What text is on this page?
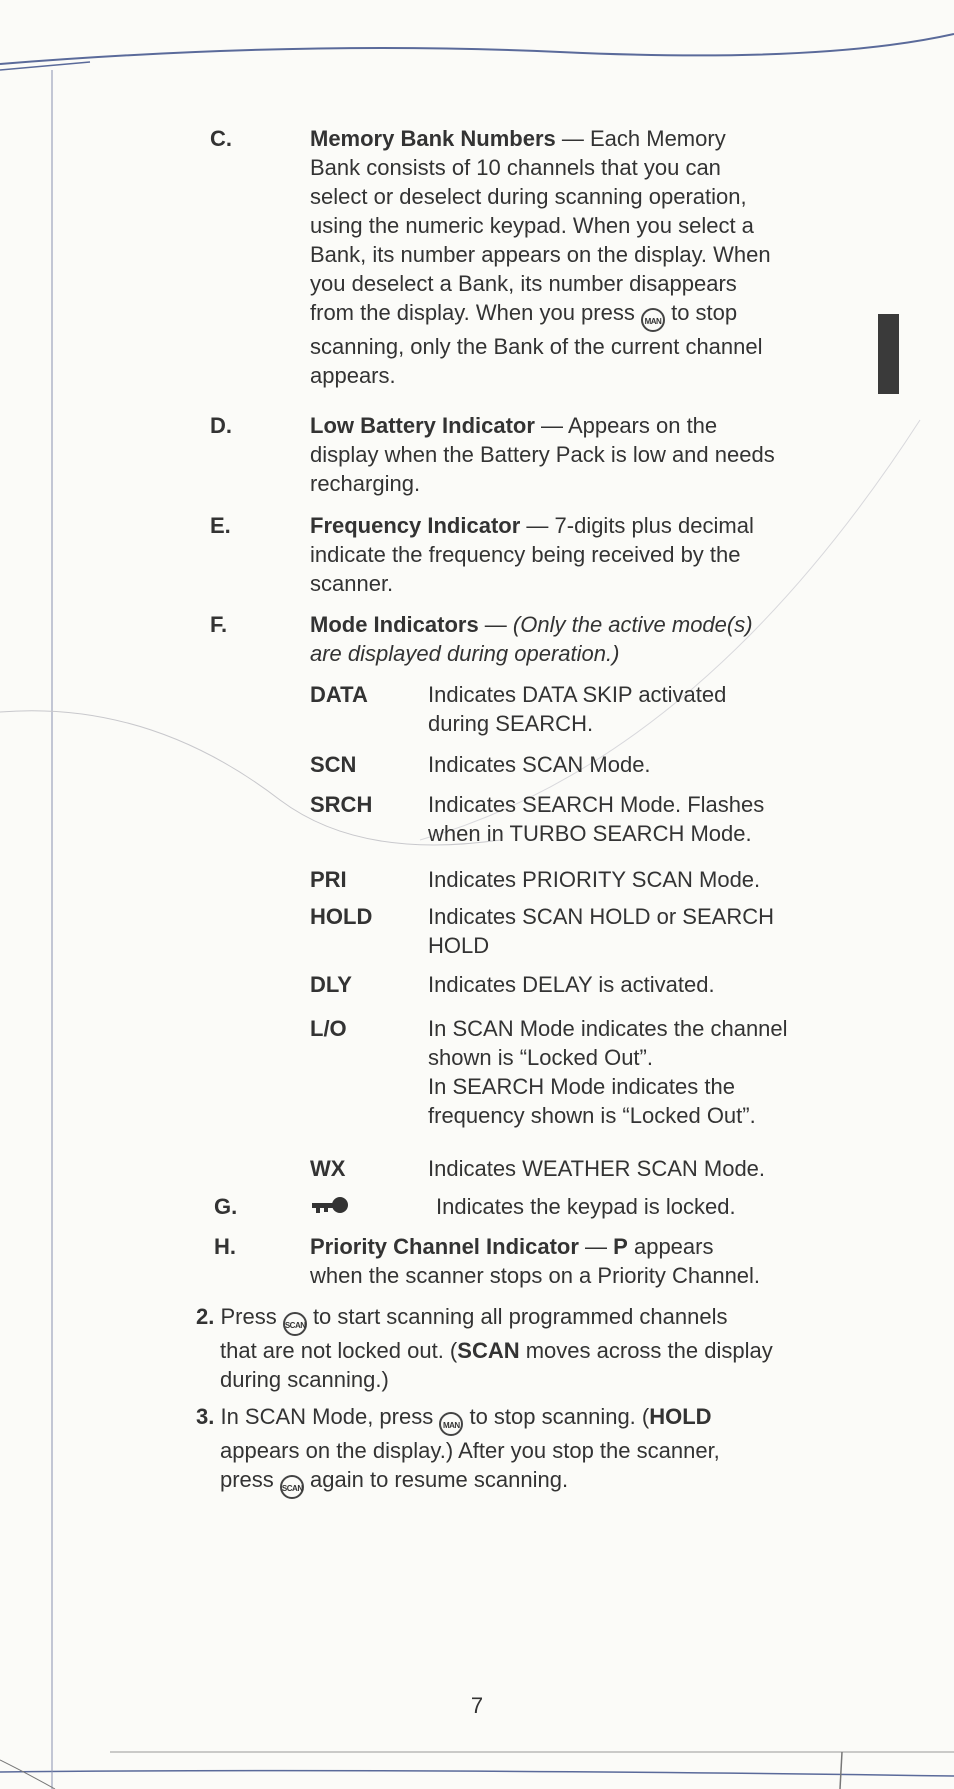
C.	Memory Bank Numbers — Each Memory
Bank consists of 10 channels that you can
select or deselect during scanning operation,
using the numeric keypad. When you select a
Bank, its number appears on the display. When
you deselect a Bank, its number disappears
from the display. When you press MAN to stop
scanning, only the Bank of the current channel
appears.
D.	Low Battery Indicator — Appears on the
display when the Battery Pack is low and needs
recharging.
E.	Frequency Indicator — 7-digits plus decimal
indicate the frequency being received by the
scanner.
F.	Mode Indicators — (Only the active mode(s)
are displayed during operation.)
DATA	Indicates DATA SKIP activated
during SEARCH.
SCN	Indicates SCAN Mode.
SRCH	Indicates SEARCH Mode. Flashes
when in TURBO SEARCH Mode.
PRI	Indicates PRIORITY SCAN Mode.
HOLD	Indicates SCAN HOLD or SEARCH
HOLD
DLY	Indicates DELAY is activated.
L/O	In SCAN Mode indicates the channel
shown is “Locked Out”.
In SEARCH Mode indicates the
frequency shown is “Locked Out”.
WX	Indicates WEATHER SCAN Mode.
G.	Indicates the keypad is locked.
H.	Priority Channel Indicator — P appears
when the scanner stops on a Priority Channel.
2. Press SCAN to start scanning all programmed channels

that are not locked out. (SCAN moves across the display
during scanning.)
3. In SCAN Mode, press MAN to stop scanning. (HOLD

appears on the display.) After you stop the scanner,
press SCAN again to resume scanning.
7
